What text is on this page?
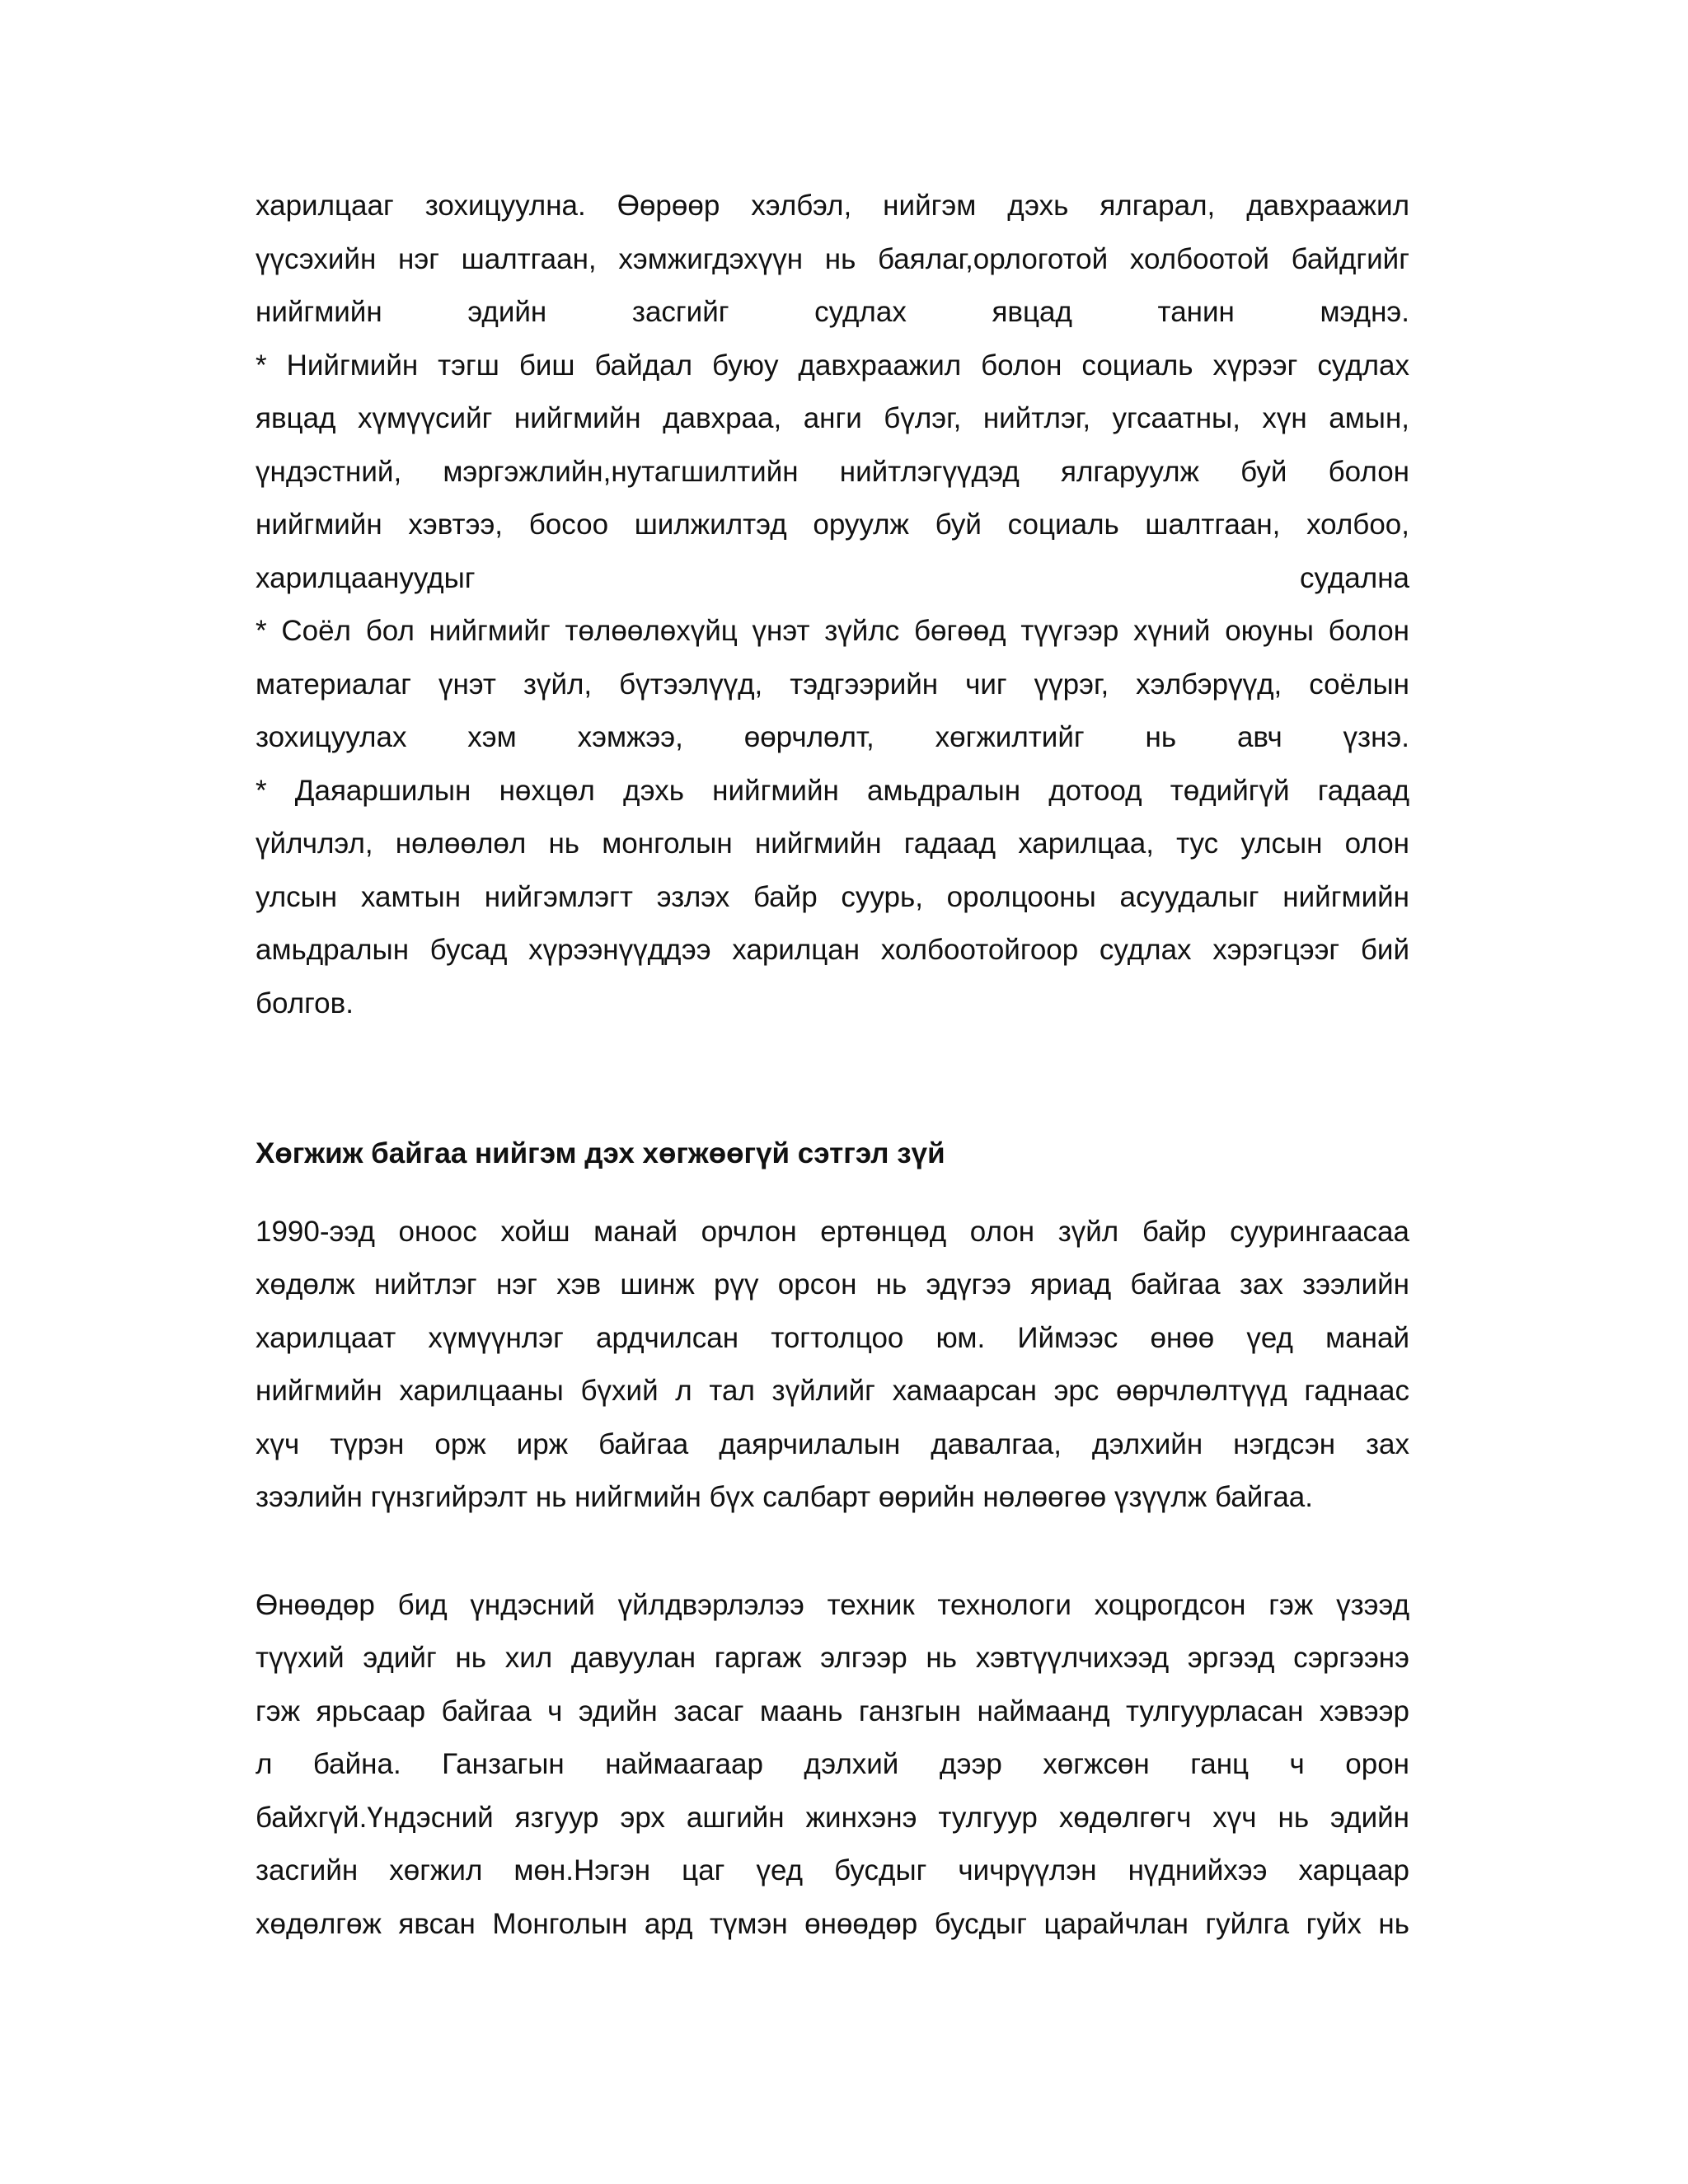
харилцааг зохицуулна. Өөрөөр хэлбэл, нийгэм дэхь ялгарал, давхраажил
үүсэхийн нэг шалтгаан, хэмжигдэхүүн нь баялаг,орлоготой холбоотой байдгийг
нийгмийн эдийн засгийг судлах явцад танин мэднэ.
* Нийгмийн тэгш биш байдал буюу давхраажил болон социаль хүрээг судлах
явцад хүмүүсийг нийгмийн давхраа, анги бүлэг, нийтлэг, угсаатны, хүн амын,
үндэстний, мэргэжлийн,нутагшилтийн нийтлэгүүдэд ялгаруулж буй болон
нийгмийн хэвтээ, босоо шилжилтэд оруулж буй социаль шалтгаан, холбоо,
харилцаануудыг судална
* Соёл бол нийгмийг төлөөлөхүйц үнэт зүйлс бөгөөд түүгээр хүний оюуны болон
материалаг үнэт зүйл, бүтээлүүд, тэдгээрийн чиг үүрэг, хэлбэрүүд, соёлын
зохицуулах хэм хэмжээ, өөрчлөлт, хөгжилтийг нь авч үзнэ.
* Даяаршилын нөхцөл дэхь нийгмийн амьдралын дотоод төдийгүй гадаад
үйлчлэл, нөлөөлөл нь монголын нийгмийн гадаад харилцаа, тус улсын олон
улсын хамтын нийгэмлэгт эзлэх байр суурь, оролцооны асуудалыг нийгмийн
амьдралын бусад хүрээнүүддээ харилцан холбоотойгоор судлах хэрэгцээг бий
болгов.
Хөгжиж байгаа нийгэм дэх хөгжөөгүй сэтгэл зүй
1990-ээд оноос хойш манай орчлон ертөнцөд олон зүйл байр суурингаасаа
хөдөлж нийтлэг нэг хэв шинж рүү орсон нь эдүгээ яриад байгаа зах зээлийн
харилцаат хүмүүнлэг ардчилсан тогтолцоо юм. Иймээс өнөө үед манай
нийгмийн харилцааны бүхий л тал зүйлийг хамаарсан эрс өөрчлөлтүүд гаднаас
хүч түрэн орж ирж байгаа даярчилалын давалгаа, дэлхийн нэгдсэн зах
зээлийн гүнзгийрэлт нь нийгмийн бүх салбарт өөрийн нөлөөгөө үзүүлж байгаа.
Өнөөдөр бид үндэсний үйлдвэрлэлээ техник технологи хоцрогдсон гэж үзээд
түүхий эдийг нь хил давуулан гаргаж элгээр нь хэвтүүлчихээд эргээд сэргээнэ
гэж ярьсаар байгаа ч эдийн засаг маань ганзгын наймаанд тулгуурласан хэвээр
л байна. Ганзагын наймаагаар дэлхий дээр хөгжсөн ганц ч орон
байхгүй.Үндэсний язгуур эрх ашгийн жинхэнэ тулгуур хөдөлгөгч хүч нь эдийн
засгийн хөгжил мөн.Нэгэн цаг үед бусдыг чичрүүлэн нүднийхээ харцаар
хөдөлгөж явсан Монголын ард түмэн өнөөдөр бусдыг царайчлан гуйлга гуйх нь
